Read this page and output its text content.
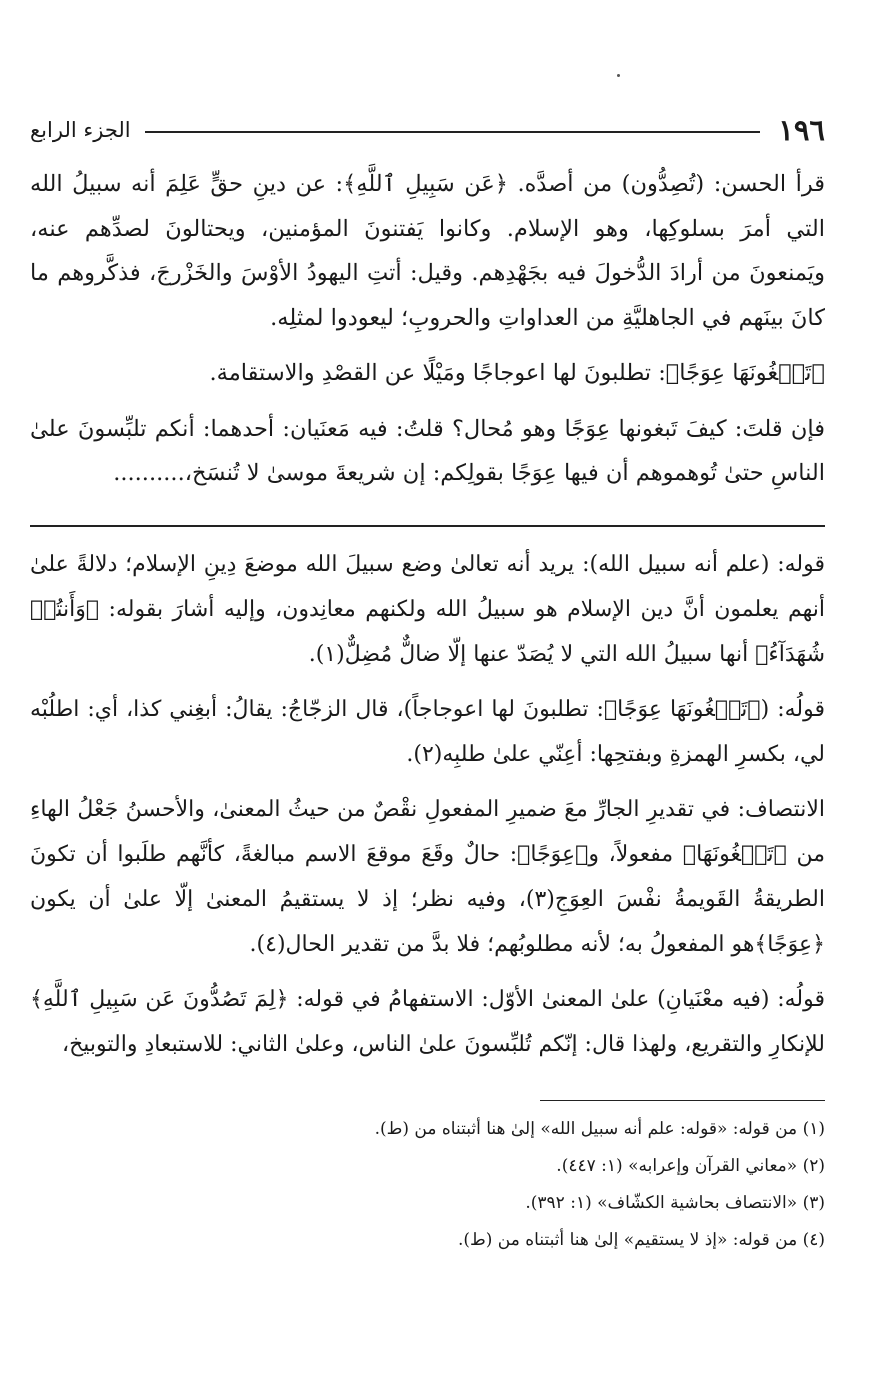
١٩٦
الجزء الرابع

قرأ الحسن: (تُصِدُّون) من أصدَّه. ﴿عَن سَبِيلِ ٱللَّهِ﴾: عن دينِ حقٍّ عَلِمَ أنه سبيلُ الله التي أمرَ بسلوكِها، وهو الإسلام. وكانوا يَفتنونَ المؤمنين، ويحتالونَ لصدِّهم عنه، ويَمنعونَ من أرادَ الدُّخولَ فيه بجَهْدِهم. وقيل: أتتِ اليهودُ الأوْسَ والخَزْرجَ، فذكَّروهم ما كانَ بينَهم في الجاهليَّةِ من العداواتِ والحروبِ؛ ليعودوا لمثلِه.

﴿تَبۡغُونَهَا عِوَجًا﴾: تطلبونَ لها اعوجاجًا ومَيْلًا عن القصْدِ والاستقامة.

فإن قلتَ: كيفَ تَبغونها عِوَجًا وهو مُحال؟ قلتُ: فيه مَعنَيان: أحدهما: أنكم تلبِّسونَ علىٰ الناسِ حتىٰ تُوهموهم أن فيها عِوَجًا بقولِكم: إن شريعةَ موسىٰ لا تُنسَخ،..........

قوله: (علم أنه سبيل الله): يريد أنه تعالىٰ وضع سبيلَ الله موضعَ دِينِ الإسلام؛ دلالةً علىٰ أنهم يعلمون أنَّ دين الإسلام هو سبيلُ الله ولكنهم معانِدون، وإليه أشارَ بقوله: ﴿وَأَنتُمۡ شُهَدَآءُ﴾ أنها سبيلُ الله التي لا يُصَدّ عنها إلّا ضالٌّ مُضِلٌّ(١).

قولُه: (﴿تَبۡغُونَهَا عِوَجًا﴾: تطلبونَ لها اعوجاجاً)، قال الزجّاجُ: يقالُ: أبغِني كذا، أي: اطلُبْه لي، بكسرِ الهمزةِ وبفتحِها: أعِنّي علىٰ طلبِه(٢).

الانتصاف: في تقديرِ الجارِّ معَ ضميرِ المفعولِ نقْصٌ من حيثُ المعنىٰ، والأحسنُ جَعْلُ الهاءِ من ﴿تَبۡغُونَهَا﴾ مفعولاً، و﴿عِوَجًا﴾: حالٌ وقَعَ موقعَ الاسم مبالغةً، كأنَّهم طلَبوا أن تكونَ الطريقةُ القَويمةُ نفْسَ العِوَجِ(٣)، وفيه نظر؛ إذ لا يستقيمُ المعنىٰ إلّا علىٰ أن يكون ﴿عِوَجًا﴾هو المفعولُ به؛ لأنه مطلوبُهم؛ فلا بدَّ من تقدير الحال(٤).

قولُه: (فيه معْنَيانِ) علىٰ المعنىٰ الأوّل: الاستفهامُ في قوله: ﴿لِمَ تَصُدُّونَ عَن سَبِيلِ ٱللَّهِ﴾ للإنكارِ والتقريع، ولهذا قال: إنّكم تُلبِّسونَ علىٰ الناس، وعلىٰ الثاني: للاستبعادِ والتوبيخ،

(١) من قوله: «قوله: علم أنه سبيل الله» إلىٰ هنا أثبتناه من (ط).
(٢) «معاني القرآن وإعرابه» (١: ٤٤٧).
(٣) «الانتصاف بحاشية الكشّاف» (١: ٣٩٢).
(٤) من قوله: «إذ لا يستقيم» إلىٰ هنا أثبتناه من (ط).
